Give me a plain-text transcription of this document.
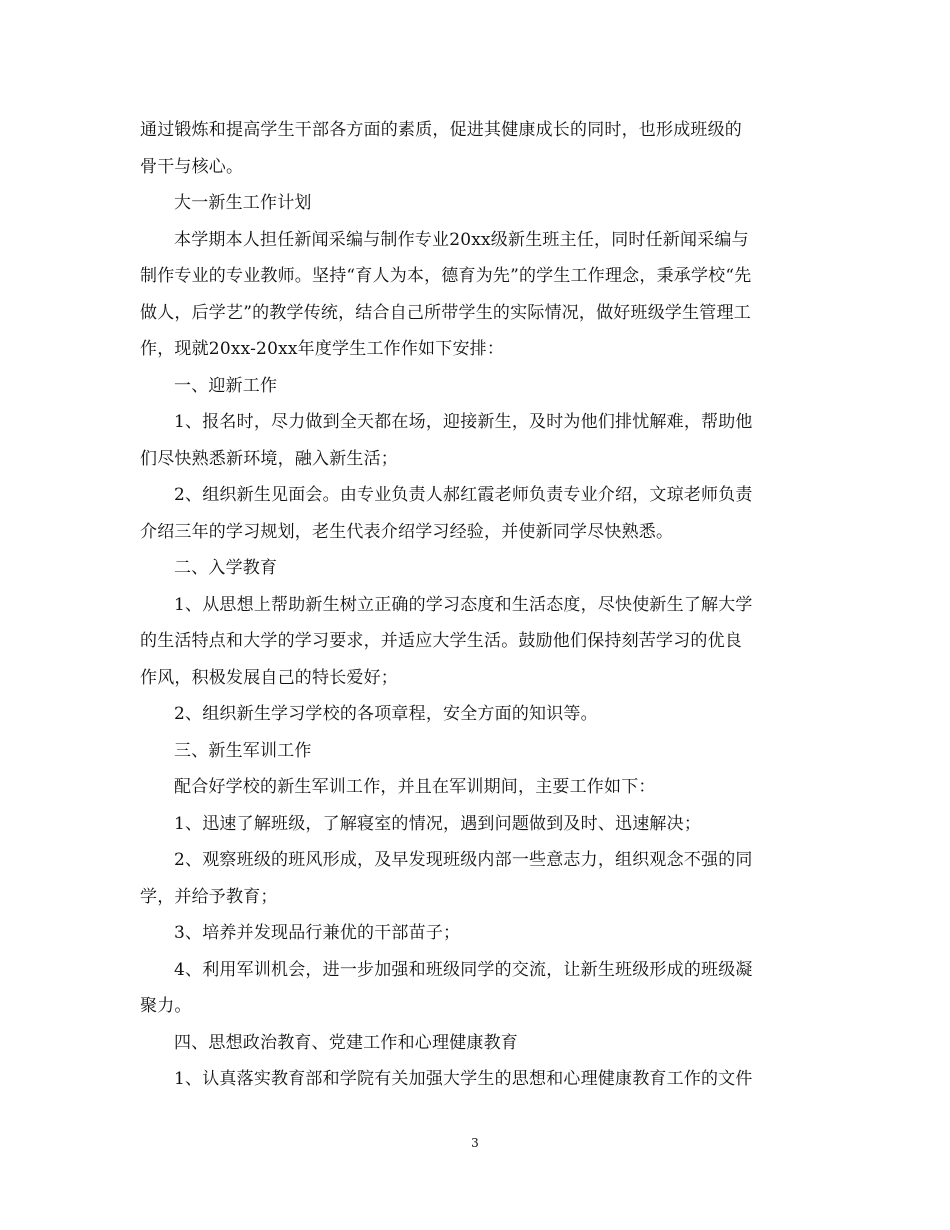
通过锻炼和提高学生干部各方面的素质，促进其健康成长的同时，也形成班级的
骨干与核心。
大一新生工作计划
本学期本人担任新闻采编与制作专业20xx级新生班主任，同时任新闻采编与
制作专业的专业教师。坚持“育人为本，德育为先”的学生工作理念，秉承学校“先
做人，后学艺”的教学传统，结合自己所带学生的实际情况，做好班级学生管理工
作，现就20xx-20xx年度学生工作作如下安排：
一、迎新工作
1、报名时，尽力做到全天都在场，迎接新生，及时为他们排忧解难，帮助他
们尽快熟悉新环境，融入新生活；
2、组织新生见面会。由专业负责人郝红霞老师负责专业介绍，文琼老师负责
介绍三年的学习规划，老生代表介绍学习经验，并使新同学尽快熟悉。
二、入学教育
1、从思想上帮助新生树立正确的学习态度和生活态度，尽快使新生了解大学
的生活特点和大学的学习要求，并适应大学生活。鼓励他们保持刻苦学习的优良
作风，积极发展自己的特长爱好；
2、组织新生学习学校的各项章程，安全方面的知识等。
三、新生军训工作
配合好学校的新生军训工作，并且在军训期间，主要工作如下：
1、迅速了解班级，了解寝室的情况，遇到问题做到及时、迅速解决；
2、观察班级的班风形成，及早发现班级内部一些意志力，组织观念不强的同
学，并给予教育；
3、培养并发现品行兼优的干部苗子；
4、利用军训机会，进一步加强和班级同学的交流，让新生班级形成的班级凝
聚力。
四、思想政治教育、党建工作和心理健康教育
1、认真落实教育部和学院有关加强大学生的思想和心理健康教育工作的文件
3
